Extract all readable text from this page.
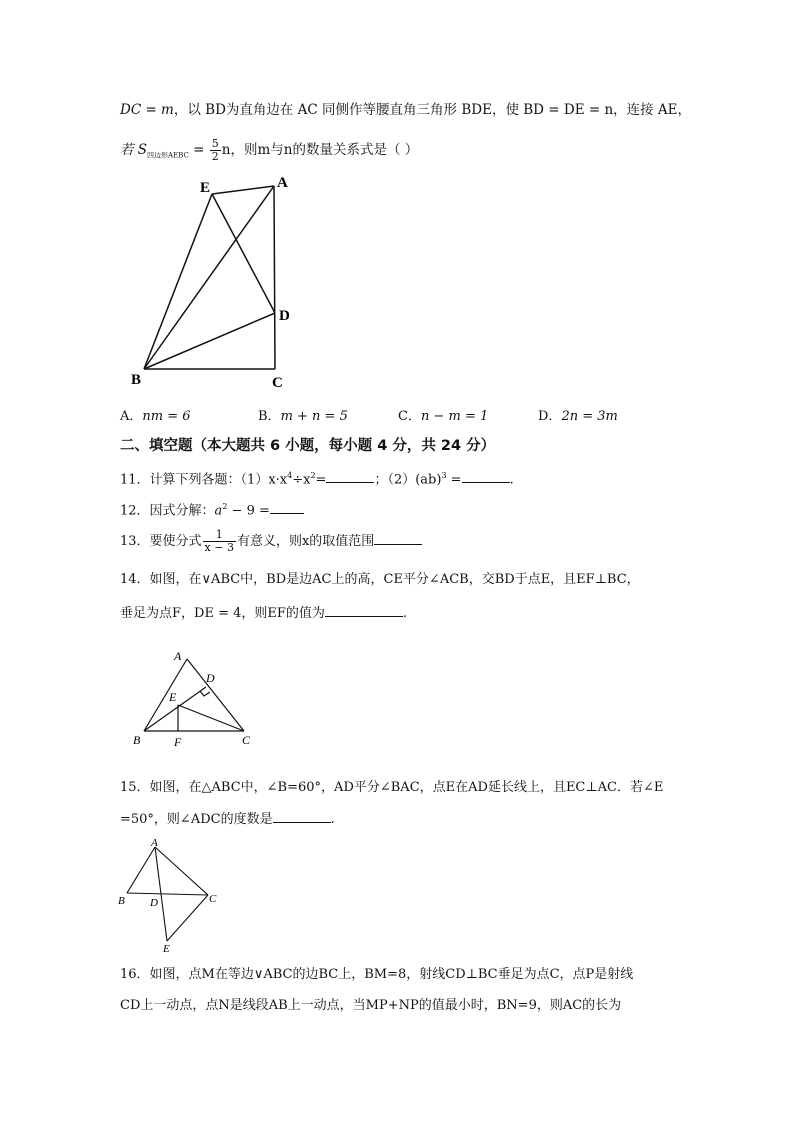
DC = m，以 BD为直角边在 AC 同侧作等腰直角三角形 BDE，使 BD = DE = n，连接 AE，
若 $S_{四边形AEBC} = \frac{5}{2}$ n，则m与n的数量关系式是（ ）
E	A
D
B	C
A．nm = 6	B．m + n = 5	C．n − m = 1	D．2n = 3m
二、填空题（本大题共 6 小题，每小题 4 分，共 24 分）
11．计算下列各题：$(1)x\cdot x^4\div x^2=$	；（2）(ab)$^3$ =	.
12．因式分解：$a^2 - 9$ =
13．要使分式 $\frac{1}{x - 3}$ 有意义，则x的取值范围
14．如图，在∨ABC中，BD是边AC上的高，CE平分∠ACB，交BD于点E，且EF⊥BC，
垂足为点F，DE = 4，则EF的值为	.
A
D
E
B	F	C
15．如图，在△ABC中，∠B=60°，AD平分∠BAC，点E在AD延长线上，且EC⊥AC．若∠E
=50°，则∠ADC的度数是	.
A
B D	C
E
16．如图，点M在等边∨ABC的边BC上，BM=8，射线CD⊥BC垂足为点C，点P是射线
CD上一动点，点N是线段AB上一动点，当MP+NP的值最小时，BN=9，则AC的长为
